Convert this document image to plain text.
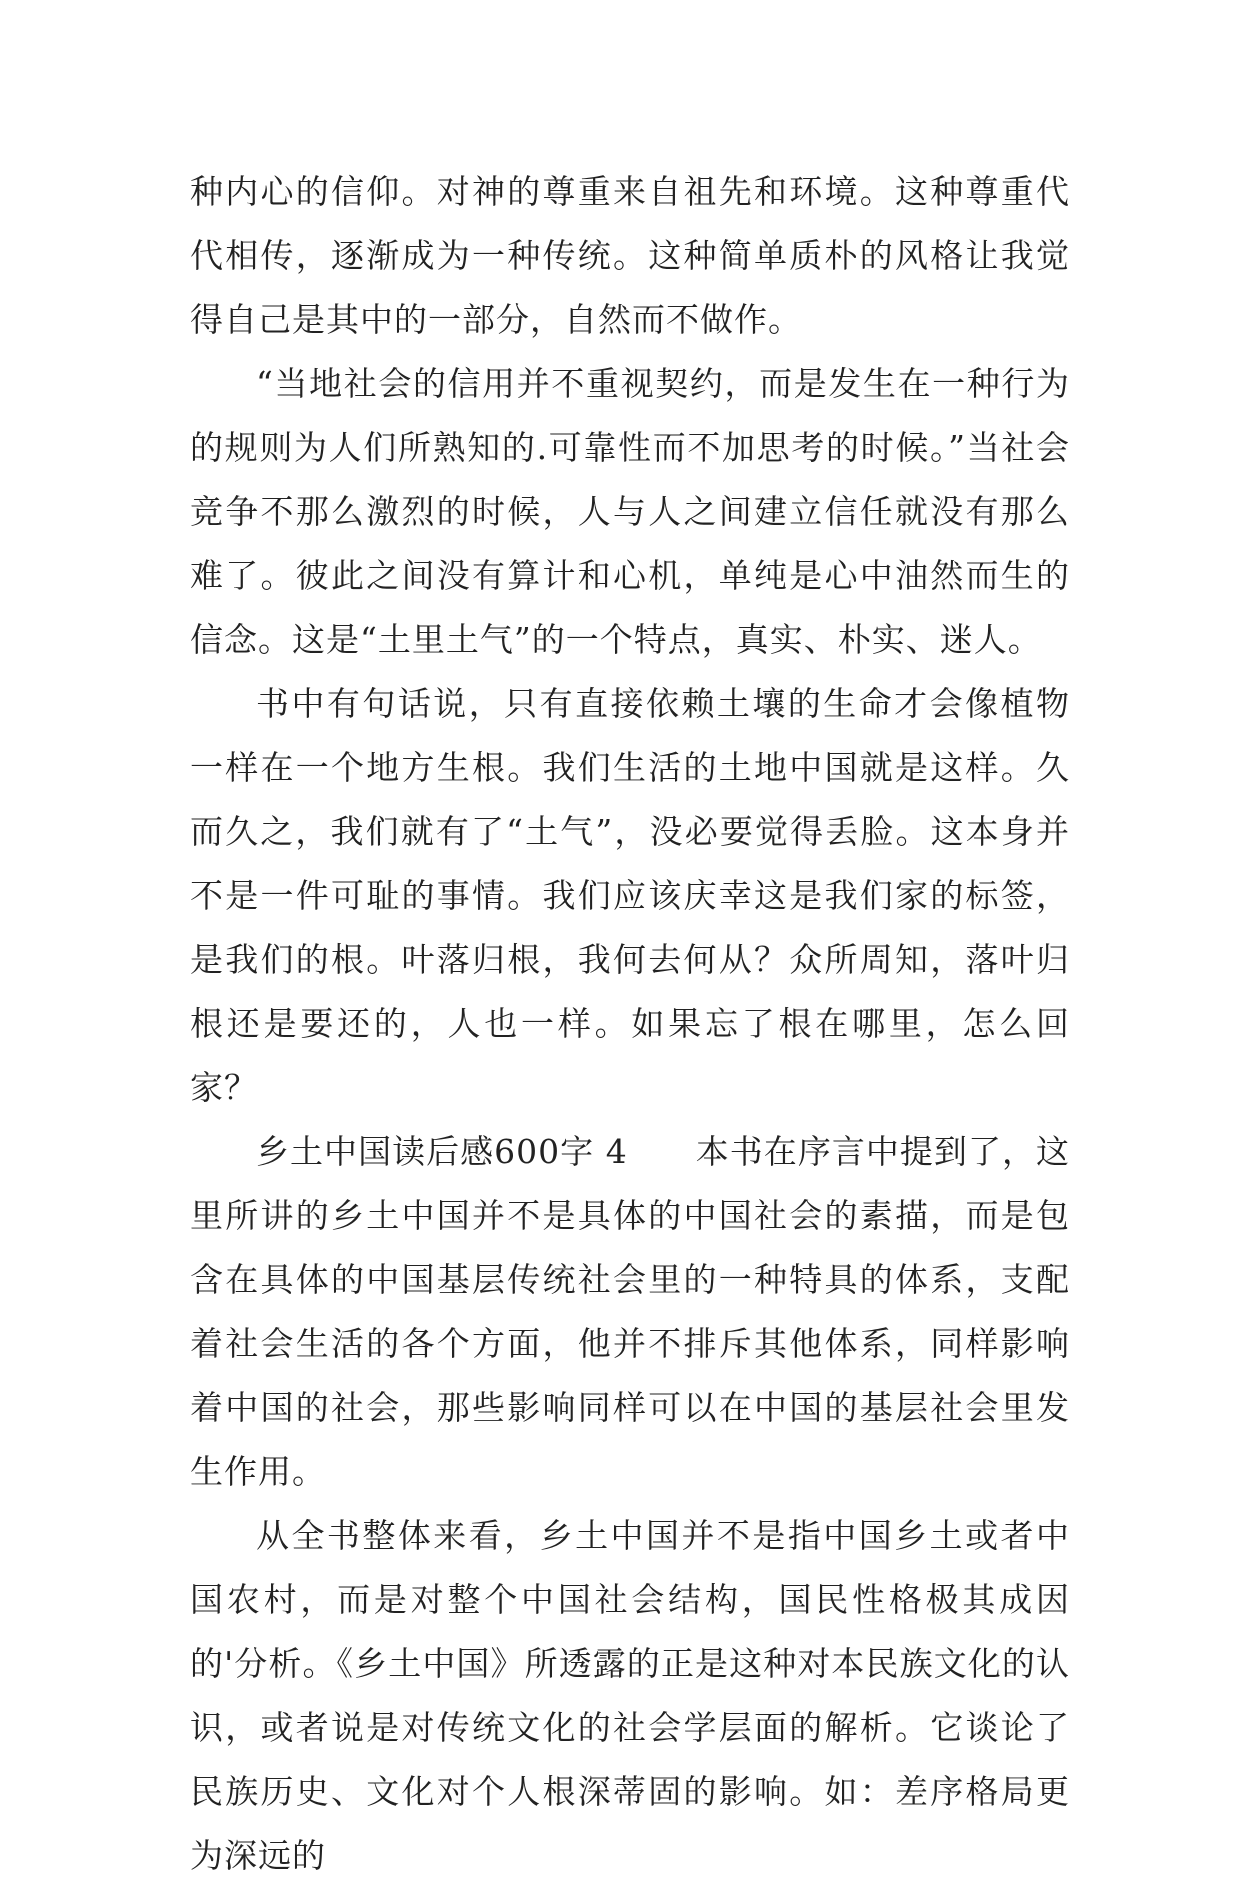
种内心的信仰。对神的尊重来自祖先和环境。这种尊重代代相传，逐渐成为一种传统。这种简单质朴的风格让我觉得自己是其中的一部分，自然而不做作。

“当地社会的信用并不重视契约，而是发生在一种行为的规则为人们所熟知的.可靠性而不加思考的时候。”当社会竞争不那么激烈的时候，人与人之间建立信任就没有那么难了。彼此之间没有算计和心机，单纯是心中油然而生的信念。这是“土里土气”的一个特点，真实、朴实、迷人。

书中有句话说，只有直接依赖土壤的生命才会像植物一样在一个地方生根。我们生活的土地中国就是这样。久而久之，我们就有了“土气”，没必要觉得丢脸。这本身并不是一件可耻的事情。我们应该庆幸这是我们家的标签，是我们的根。叶落归根，我何去何从？众所周知，落叶归根还是要还的，人也一样。如果忘了根在哪里，怎么回家？

乡土中国读后感600字 4　　本书在序言中提到了，这里所讲的乡土中国并不是具体的中国社会的素描，而是包含在具体的中国基层传统社会里的一种特具的体系，支配着社会生活的各个方面，他并不排斥其他体系，同样影响着中国的社会，那些影响同样可以在中国的基层社会里发生作用。

从全书整体来看，乡土中国并不是指中国乡土或者中国农村，而是对整个中国社会结构，国民性格极其成因的'分析。《乡土中国》所透露的正是这种对本民族文化的认识，或者说是对传统文化的社会学层面的解析。它谈论了民族历史、文化对个人根深蒂固的影响。如：差序格局更为深远的
